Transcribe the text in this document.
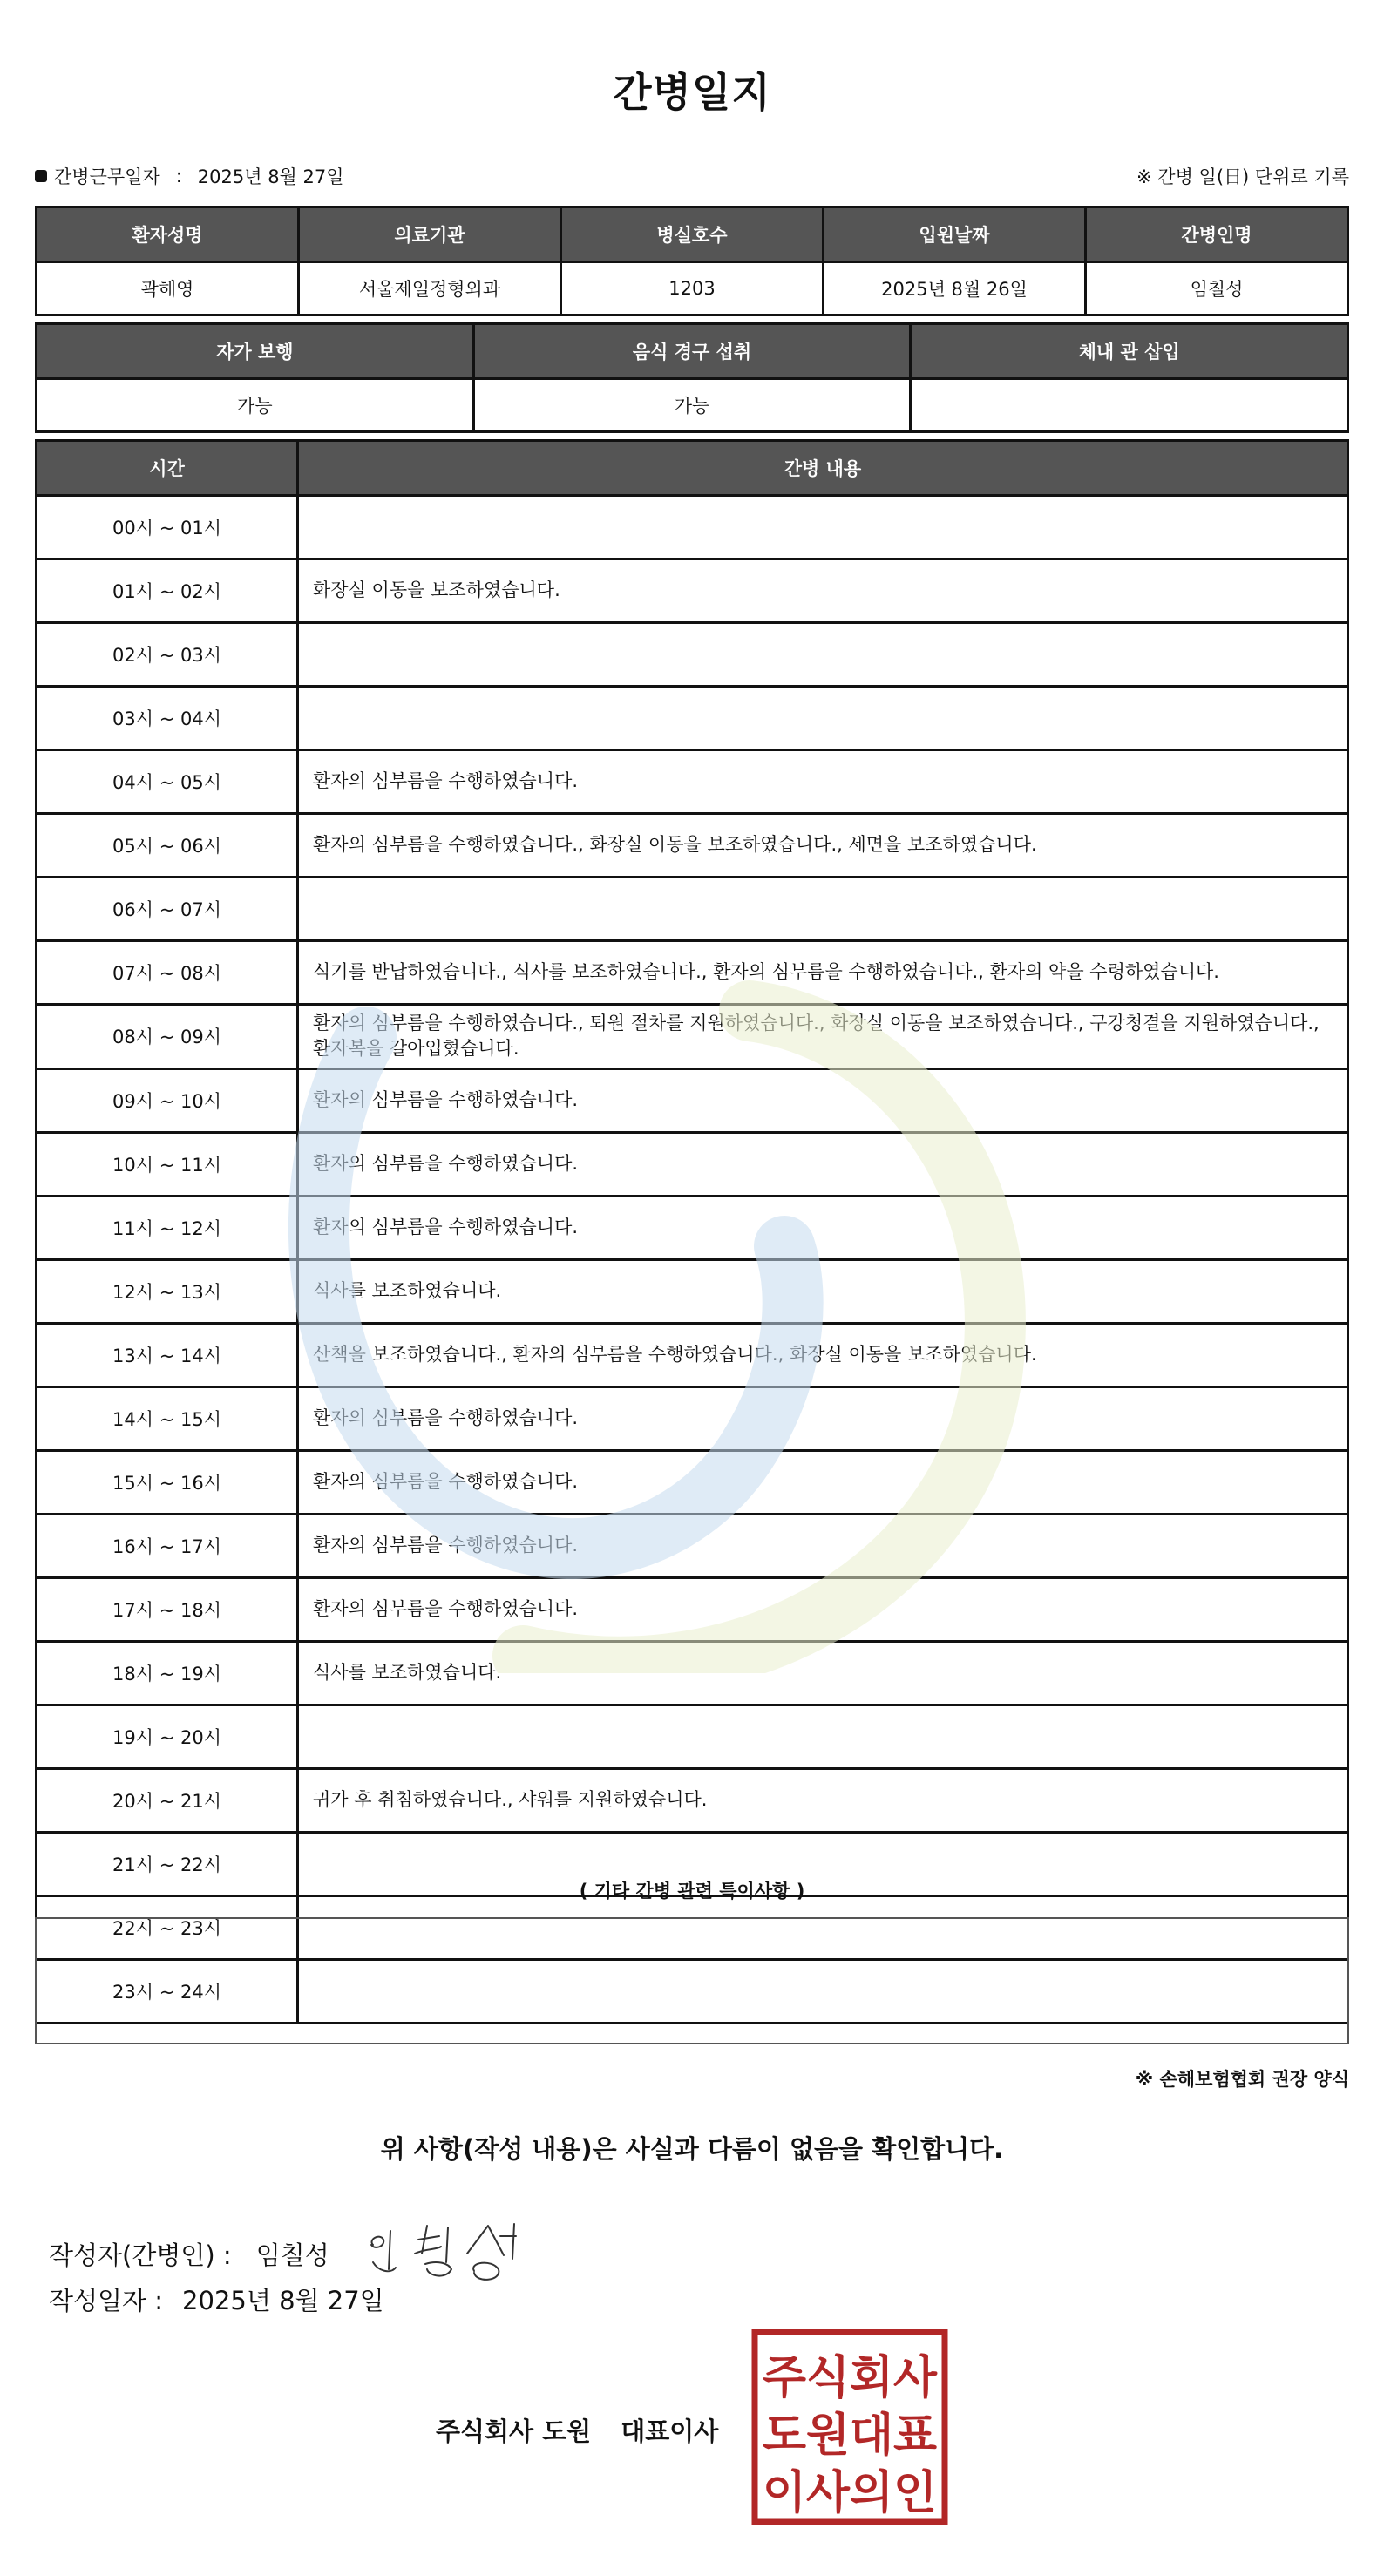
간병일지
간병근무일자 : 2025년 8월 27일	※ 간병 일(日) 단위로 기록
환자성명	의료기관	병실호수	입원날짜	간병인명
곽해영	서울제일정형외과	1203	2025년 8월 26일	임칠성
자가 보행	음식 경구 섭취	체내 관 삽입
가능	가능	
시간	간병 내용
00시 ~ 01시	
01시 ~ 02시	화장실 이동을 보조하였습니다.
02시 ~ 03시	
03시 ~ 04시	
04시 ~ 05시	환자의 심부름을 수행하였습니다.
05시 ~ 06시	환자의 심부름을 수행하였습니다., 화장실 이동을 보조하였습니다., 세면을 보조하였습니다.
06시 ~ 07시	
07시 ~ 08시	식기를 반납하였습니다., 식사를 보조하였습니다., 환자의 심부름을 수행하였습니다., 환자의 약을 수령하였습니다.
08시 ~ 09시	환자의 심부름을 수행하였습니다., 퇴원 절차를 지원하였습니다., 화장실 이동을 보조하였습니다., 구강청결을 지원하였습니다., 환자복을 갈아입혔습니다.
09시 ~ 10시	환자의 심부름을 수행하였습니다.
10시 ~ 11시	환자의 심부름을 수행하였습니다.
11시 ~ 12시	환자의 심부름을 수행하였습니다.
12시 ~ 13시	식사를 보조하였습니다.
13시 ~ 14시	산책을 보조하였습니다., 환자의 심부름을 수행하였습니다., 화장실 이동을 보조하였습니다.
14시 ~ 15시	환자의 심부름을 수행하였습니다.
15시 ~ 16시	환자의 심부름을 수행하였습니다.
16시 ~ 17시	환자의 심부름을 수행하였습니다.
17시 ~ 18시	환자의 심부름을 수행하였습니다.
18시 ~ 19시	식사를 보조하였습니다.
19시 ~ 20시	
20시 ~ 21시	귀가 후 취침하였습니다., 샤워를 지원하였습니다.
21시 ~ 22시	
22시 ~ 23시	
23시 ~ 24시	
( 기타 간병 관련 특이사항 )
※ 손해보험협회 권장 양식
위 사항(작성 내용)은 사실과 다름이 없음을 확인합니다.
작성자(간병인) : 임칠성
작성일자 : 2025년 8월 27일
주식회사 도원 대표이사
주식회사
도원대표
이사의인
